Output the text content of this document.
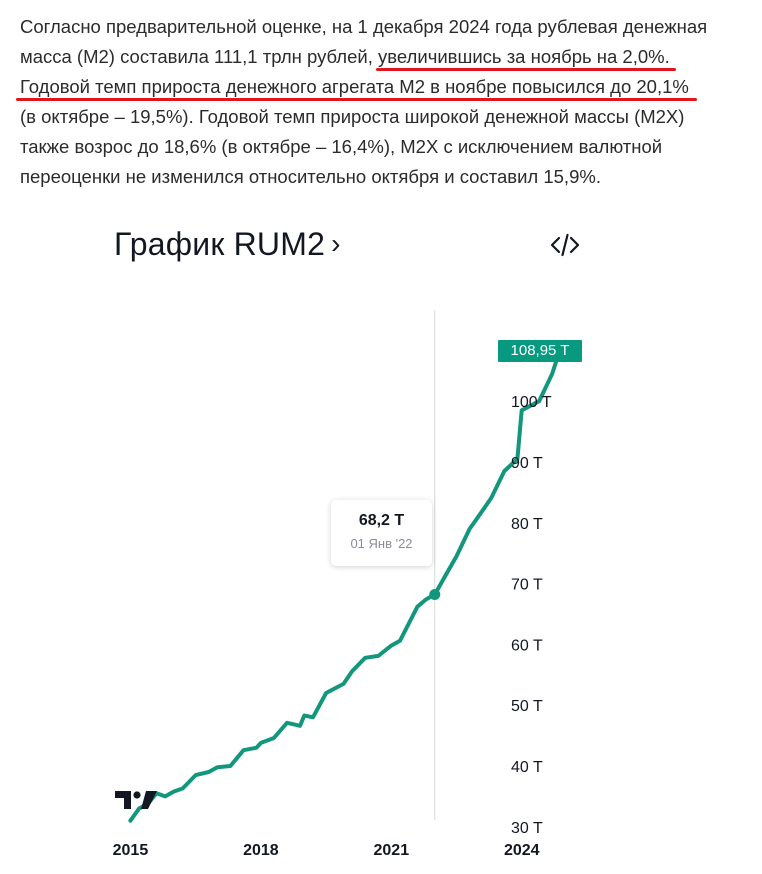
Согласно предварительной оценке, на 1 декабря 2024 года рублевая денежная

масса (М2) составила 111,1 трлн рублей, увеличившись за ноябрь на 2,0%.

Годовой темп прироста денежного агрегата М2 в ноябре повысился до 20,1%

(в октябре – 19,5%). Годовой темп прироста широкой денежной массы (М2Х)

также возрос до 18,6% (в октябре – 16,4%), М2Х с исключением валютной

переоценки не изменился относительно октября и составил 15,9%.

График RUM2 ›
30 T
40 T
50 T
60 T
70 T
80 T
90 T
100 T
2015	2018	2021	2024
108,95 T
68,2 T
01 Янв '22
